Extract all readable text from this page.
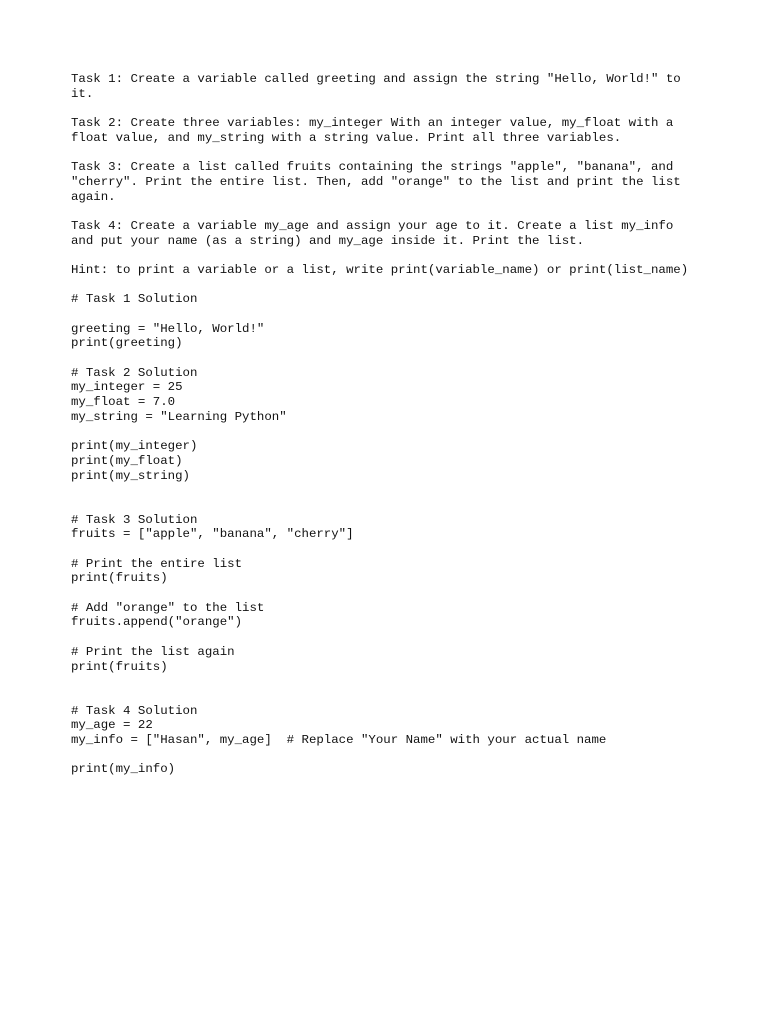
Task 1: Create a variable called greeting and assign the string "Hello, World!" to
it.
Task 2: Create three variables: my_integer With an integer value, my_float with a
float value, and my_string with a string value. Print all three variables.
Task 3: Create a list called fruits containing the strings "apple", "banana", and
"cherry". Print the entire list. Then, add "orange" to the list and print the list
again.
Task 4: Create a variable my_age and assign your age to it. Create a list my_info
and put your name (as a string) and my_age inside it. Print the list.
Hint: to print a variable or a list, write print(variable_name) or print(list_name)
# Task 1 Solution
greeting = "Hello, World!"
print(greeting)
# Task 2 Solution
my_integer = 25
my_float = 7.0
my_string = "Learning Python"
print(my_integer)
print(my_float)
print(my_string)
# Task 3 Solution
fruits = ["apple", "banana", "cherry"]
# Print the entire list
print(fruits)
# Add "orange" to the list
fruits.append("orange")
# Print the list again
print(fruits)
# Task 4 Solution
my_age = 22
my_info = ["Hasan", my_age]  # Replace "Your Name" with your actual name
print(my_info)
